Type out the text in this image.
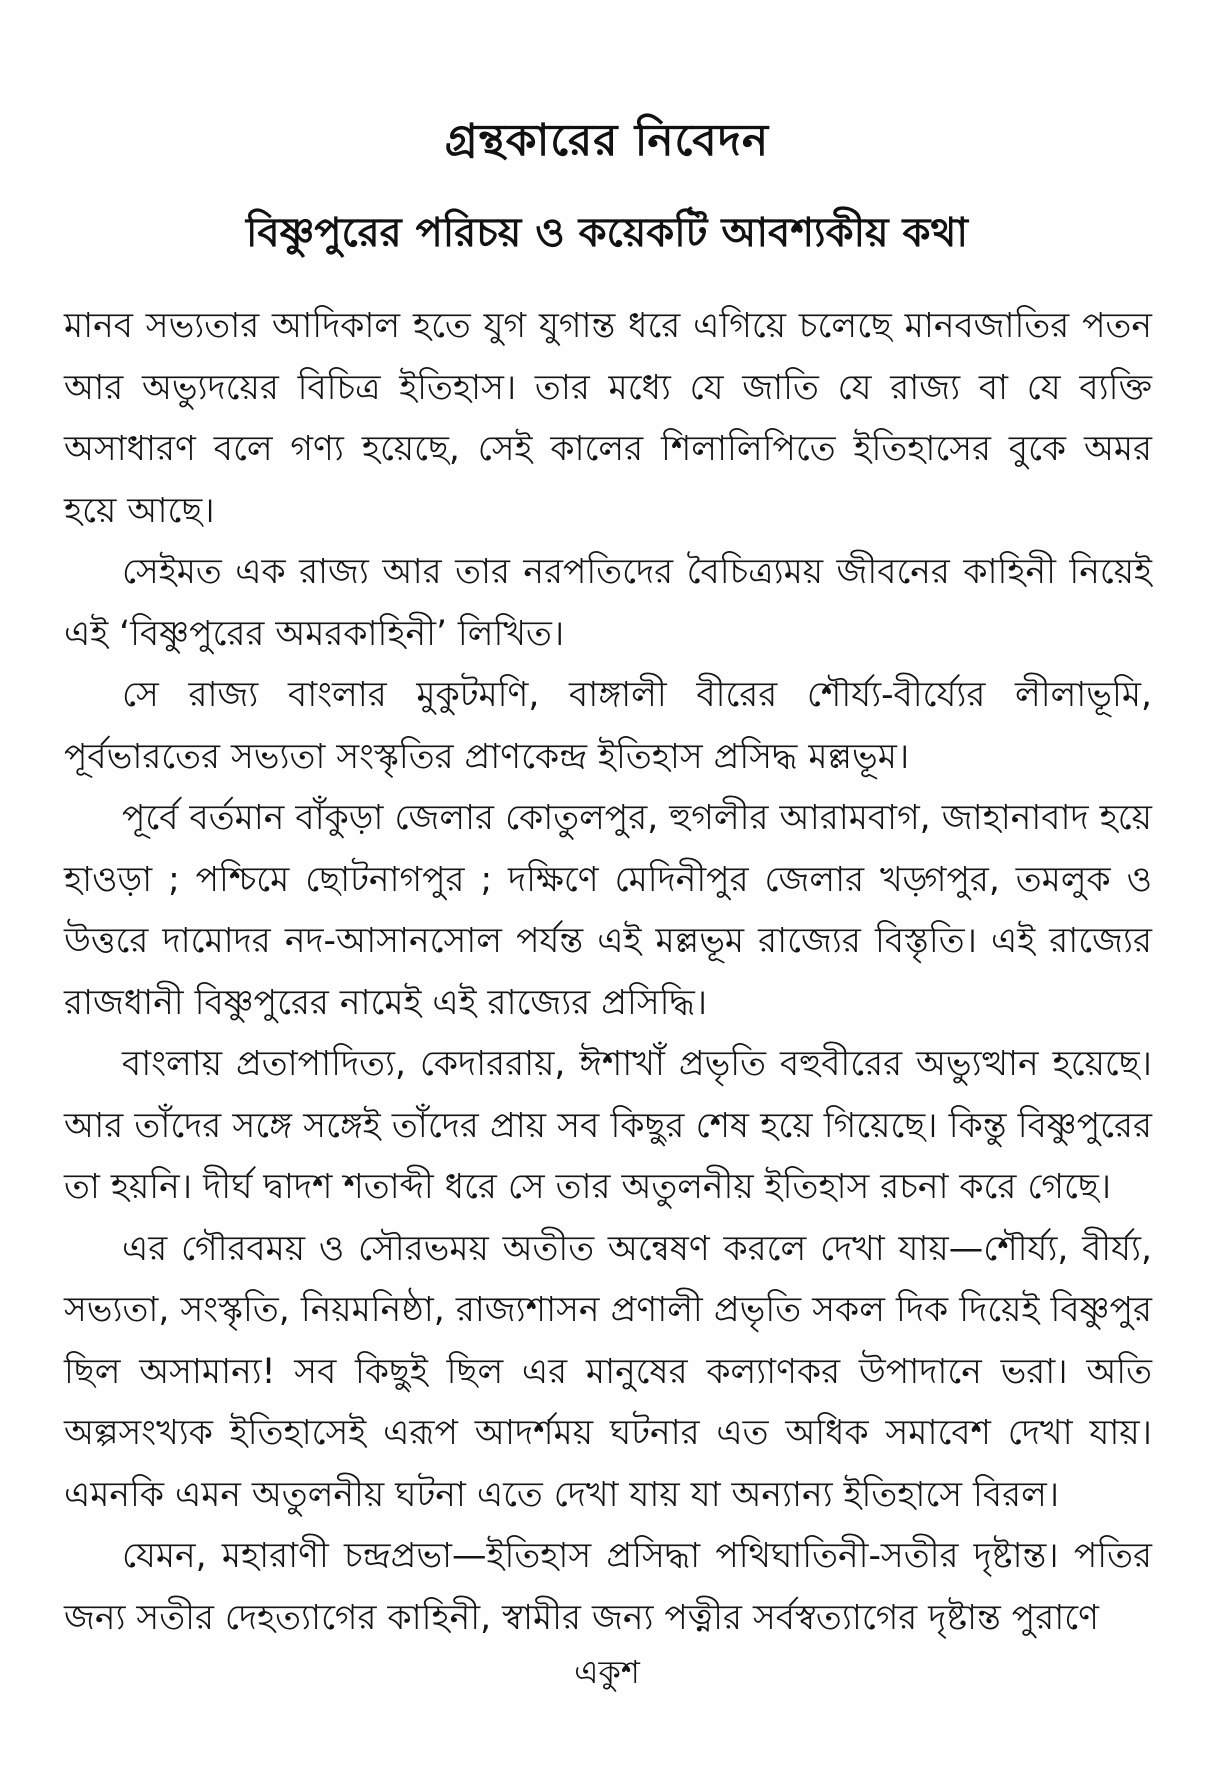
গ্রন্থকারের নিবেদন
বিষ্ণুপুরের পরিচয় ও কয়েকটি আবশ্যকীয় কথা

মানব সভ্যতার আদিকাল হতে যুগ যুগান্ত ধরে এগিয়ে চলেছে মানবজাতির পতন আর অভ্যুদয়ের বিচিত্র ইতিহাস। তার মধ্যে যে জাতি যে রাজ্য বা যে ব্যক্তি অসাধারণ বলে গণ্য হয়েছে, সেই কালের শিলালিপিতে ইতিহাসের বুকে অমর হয়ে আছে।

সেইমত এক রাজ্য আর তার নরপতিদের বৈচিত্র্যময় জীবনের কাহিনী নিয়েই এই ‘বিষ্ণুপুরের অমরকাহিনী’ লিখিত।

সে রাজ্য বাংলার মুকুটমণি, বাঙ্গালী বীরের শৌর্য্য-বীর্য্যের লীলাভূমি, পূর্বভারতের সভ্যতা সংস্কৃতির প্রাণকেন্দ্র ইতিহাস প্রসিদ্ধ মল্লভূম।

পূর্বে বর্তমান বাঁকুড়া জেলার কোতুলপুর, হুগলীর আরামবাগ, জাহানাবাদ হয়ে হাওড়া ; পশ্চিমে ছোটনাগপুর ; দক্ষিণে মেদিনীপুর জেলার খড়্গপুর, তমলুক ও উত্তরে দামোদর নদ-আসানসোল পর্যন্ত এই মল্লভূম রাজ্যের বিস্তৃতি। এই রাজ্যের রাজধানী বিষ্ণুপুরের নামেই এই রাজ্যের প্রসিদ্ধি।

বাংলায় প্রতাপাদিত্য, কেদাররায়, ঈশাখাঁ প্রভৃতি বহুবীরের অভ্যুত্থান হয়েছে। আর তাঁদের সঙ্গে সঙ্গেই তাঁদের প্রায় সব কিছুর শেষ হয়ে গিয়েছে। কিন্তু বিষ্ণুপুরের তা হয়নি। দীর্ঘ দ্বাদশ শতাব্দী ধরে সে তার অতুলনীয় ইতিহাস রচনা করে গেছে।

এর গৌরবময় ও সৌরভময় অতীত অন্বেষণ করলে দেখা যায়—শৌর্য্য, বীর্য্য, সভ্যতা, সংস্কৃতি, নিয়মনিষ্ঠা, রাজ্যশাসন প্রণালী প্রভৃতি সকল দিক দিয়েই বিষ্ণুপুর ছিল অসামান্য! সব কিছুই ছিল এর মানুষের কল্যাণকর উপাদানে ভরা। অতি অল্পসংখ্যক ইতিহাসেই এরূপ আদর্শময় ঘটনার এত অধিক সমাবেশ দেখা যায়। এমনকি এমন অতুলনীয় ঘটনা এতে দেখা যায় যা অন্যান্য ইতিহাসে বিরল।

যেমন, মহারাণী চন্দ্রপ্রভা—ইতিহাস প্রসিদ্ধা পথিঘাতিনী-সতীর দৃষ্টান্ত। পতির জন্য সতীর দেহত্যাগের কাহিনী, স্বামীর জন্য পত্নীর সর্বস্বত্যাগের দৃষ্টান্ত পুরাণে

একুশ
